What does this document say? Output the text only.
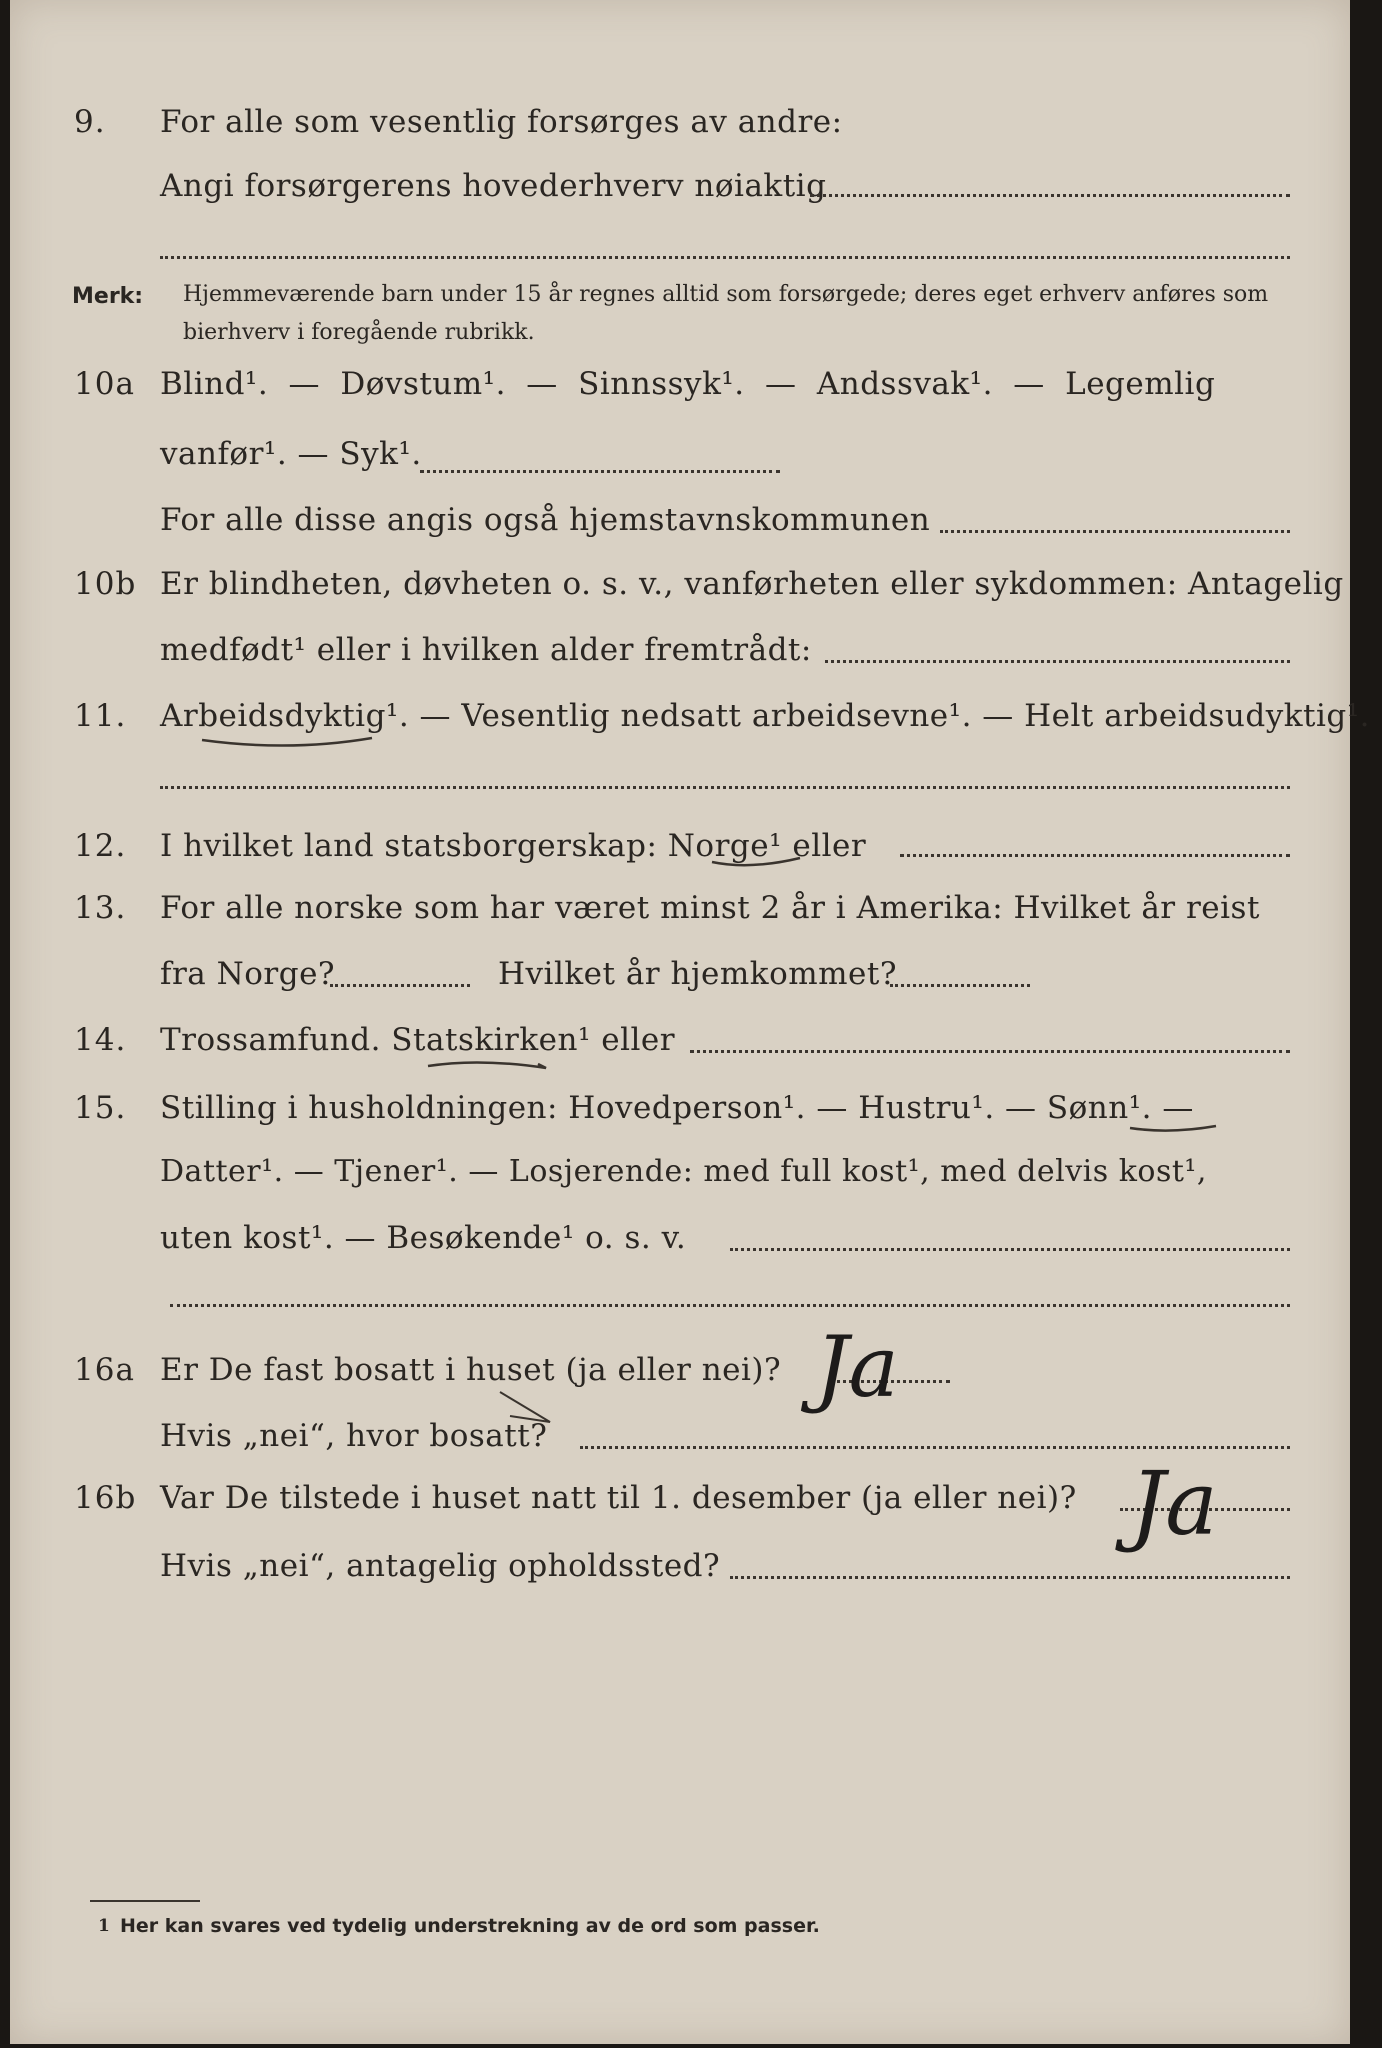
9. For alle som vesentlig forsørges av andre:
Angi forsørgerens hovederhverv nøiaktig
Merk: Hjemmeværende barn under 15 år regnes alltid som forsørgede; deres eget erhverv anføres som bierhverv i foregående rubrikk.
10a Blind¹. — Døvstum¹. — Sinnssyk¹. — Andssvak¹. — Legemlig
vanfør¹. — Syk¹.
For alle disse angis også hjemstavnskommunen
10b Er blindheten, døvheten o. s. v., vanførheten eller sykdommen: Antagelig
medfødt¹ eller i hvilken alder fremtrådt:
11. Arbeidsdyktig¹. — Vesentlig nedsatt arbeidsevne¹. — Helt arbeidsudyktig¹.
12. I hvilket land statsborgerskap: Norge¹ eller
13. For alle norske som har været minst 2 år i Amerika: Hvilket år reist
fra Norge?	Hvilket år hjemkommet?
14. Trossamfund. Statskirken¹ eller
15. Stilling i husholdningen: Hovedperson¹. — Hustru¹. — Sønn¹. —
Datter¹. — Tjener¹. — Losjerende: med full kost¹, med delvis kost¹,
uten kost¹. — Besøkende¹ o. s. v.
16a Er De fast bosatt i huset (ja eller nei)? Ja
Hvis „nei“, hvor bosatt?
16b Var De tilstede i huset natt til 1. desember (ja eller nei)? Ja
Hvis „nei“, antagelig opholdssted?
1 Her kan svares ved tydelig understrekning av de ord som passer.
